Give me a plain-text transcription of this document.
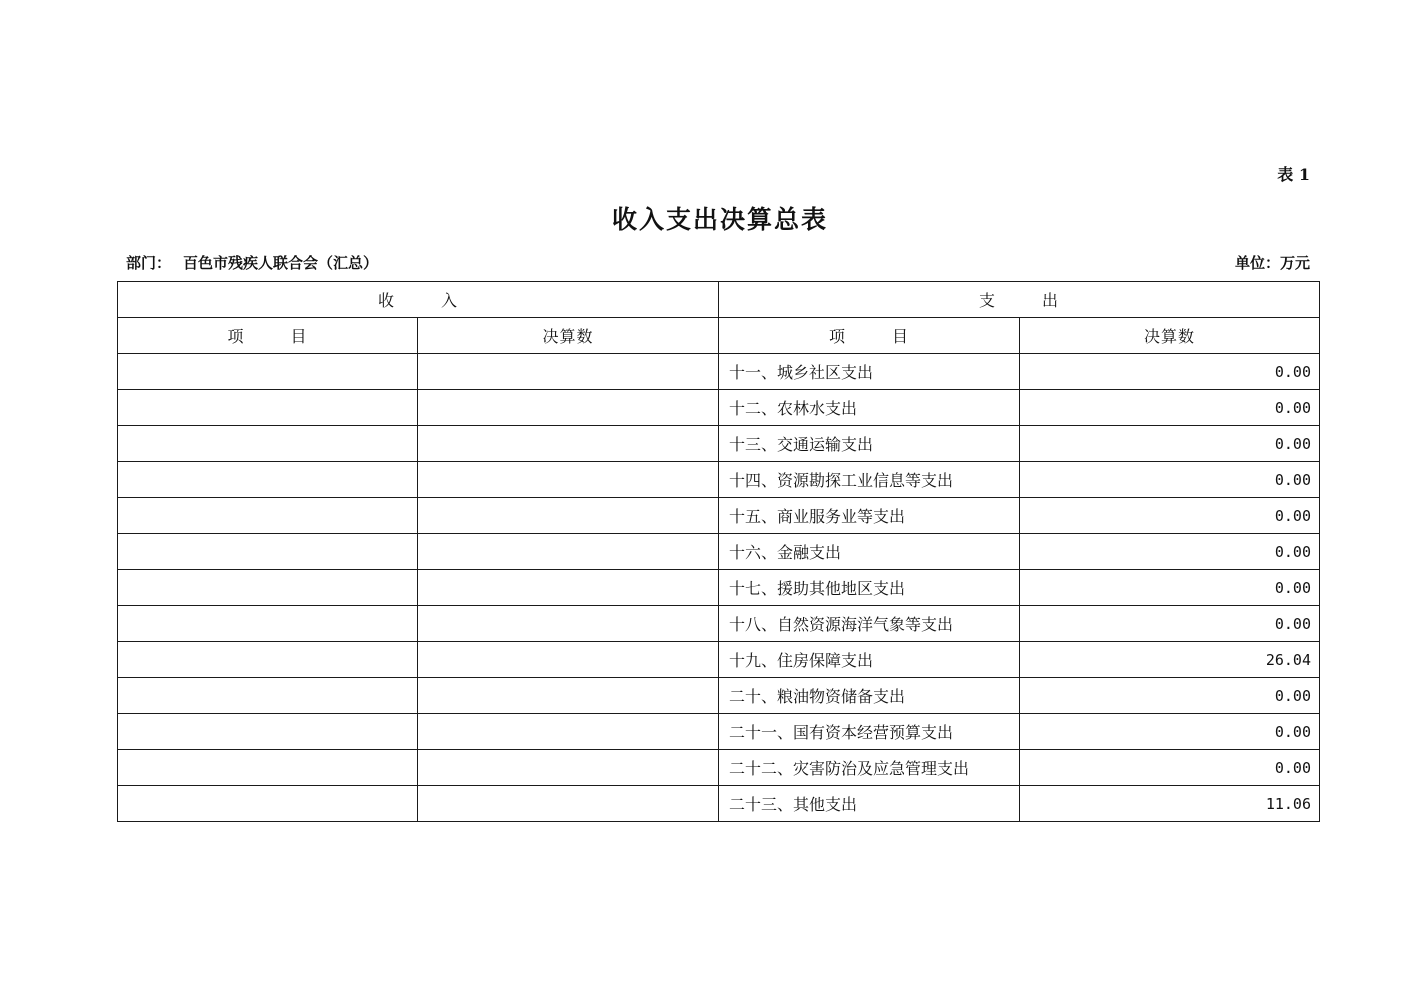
表 1
收入支出决算总表
部门： 百色市残疾人联合会（汇总）	单位：万元
收 入		支 出	
项 目	决算数	项 目	决算数
		十一、城乡社区支出	0.00
		十二、农林水支出	0.00
		十三、交通运输支出	0.00
		十四、资源勘探工业信息等支出	0.00
		十五、商业服务业等支出	0.00
		十六、金融支出	0.00
		十七、援助其他地区支出	0.00
		十八、自然资源海洋气象等支出	0.00
		十九、住房保障支出	26.04
		二十、粮油物资储备支出	0.00
		二十一、国有资本经营预算支出	0.00
		二十二、灾害防治及应急管理支出	0.00
		二十三、其他支出	11.06
